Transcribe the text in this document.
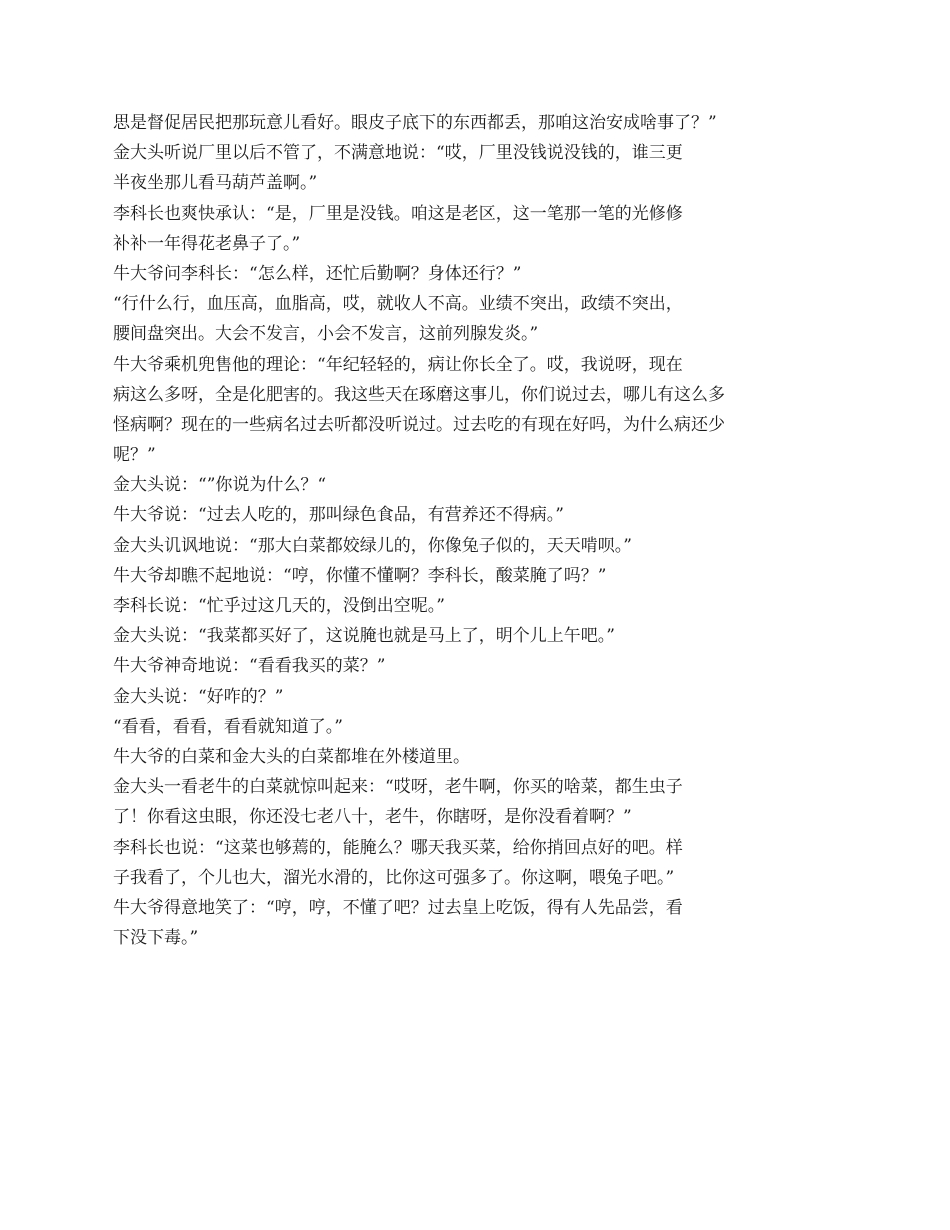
思是督促居民把那玩意儿看好。眼皮子底下的东西都丢，那咱这治安成啥事了？”
金大头听说厂里以后不管了，不满意地说：“哎，厂里没钱说没钱的，谁三更
半夜坐那儿看马葫芦盖啊。”
李科长也爽快承认：“是，厂里是没钱。咱这是老区，这一笔那一笔的光修修
补补一年得花老鼻子了。”
牛大爷问李科长：“怎么样，还忙后勤啊？身体还行？”
“行什么行，血压高，血脂高，哎，就收人不高。业绩不突出，政绩不突出，
腰间盘突出。大会不发言，小会不发言，这前列腺发炎。”
牛大爷乘机兜售他的理论：“年纪轻轻的，病让你长全了。哎，我说呀，现在
病这么多呀，全是化肥害的。我这些天在琢磨这事儿，你们说过去，哪儿有这么多
怪病啊？现在的一些病名过去听都没听说过。过去吃的有现在好吗，为什么病还少
呢？”
金大头说：“”你说为什么？“
牛大爷说：“过去人吃的，那叫绿色食品，有营养还不得病。”
金大头讥讽地说：“那大白菜都姣绿儿的，你像兔子似的，天天啃呗。”
牛大爷却瞧不起地说：“哼，你懂不懂啊？李科长，酸菜腌了吗？”
李科长说：“忙乎过这几天的，没倒出空呢。”
金大头说：“我菜都买好了，这说腌也就是马上了，明个儿上午吧。”
牛大爷神奇地说：“看看我买的菜？”
金大头说：“好咋的？”
“看看，看看，看看就知道了。”
牛大爷的白菜和金大头的白菜都堆在外楼道里。
金大头一看老牛的白菜就惊叫起来：“哎呀，老牛啊，你买的啥菜，都生虫子
了！你看这虫眼，你还没七老八十，老牛，你瞎呀，是你没看着啊？”
李科长也说：“这菜也够蔫的，能腌么？哪天我买菜，给你捎回点好的吧。样
子我看了，个儿也大，溜光水滑的，比你这可强多了。你这啊，喂兔子吧。”
牛大爷得意地笑了：“哼，哼，不懂了吧？过去皇上吃饭，得有人先品尝，看
下没下毒。”
